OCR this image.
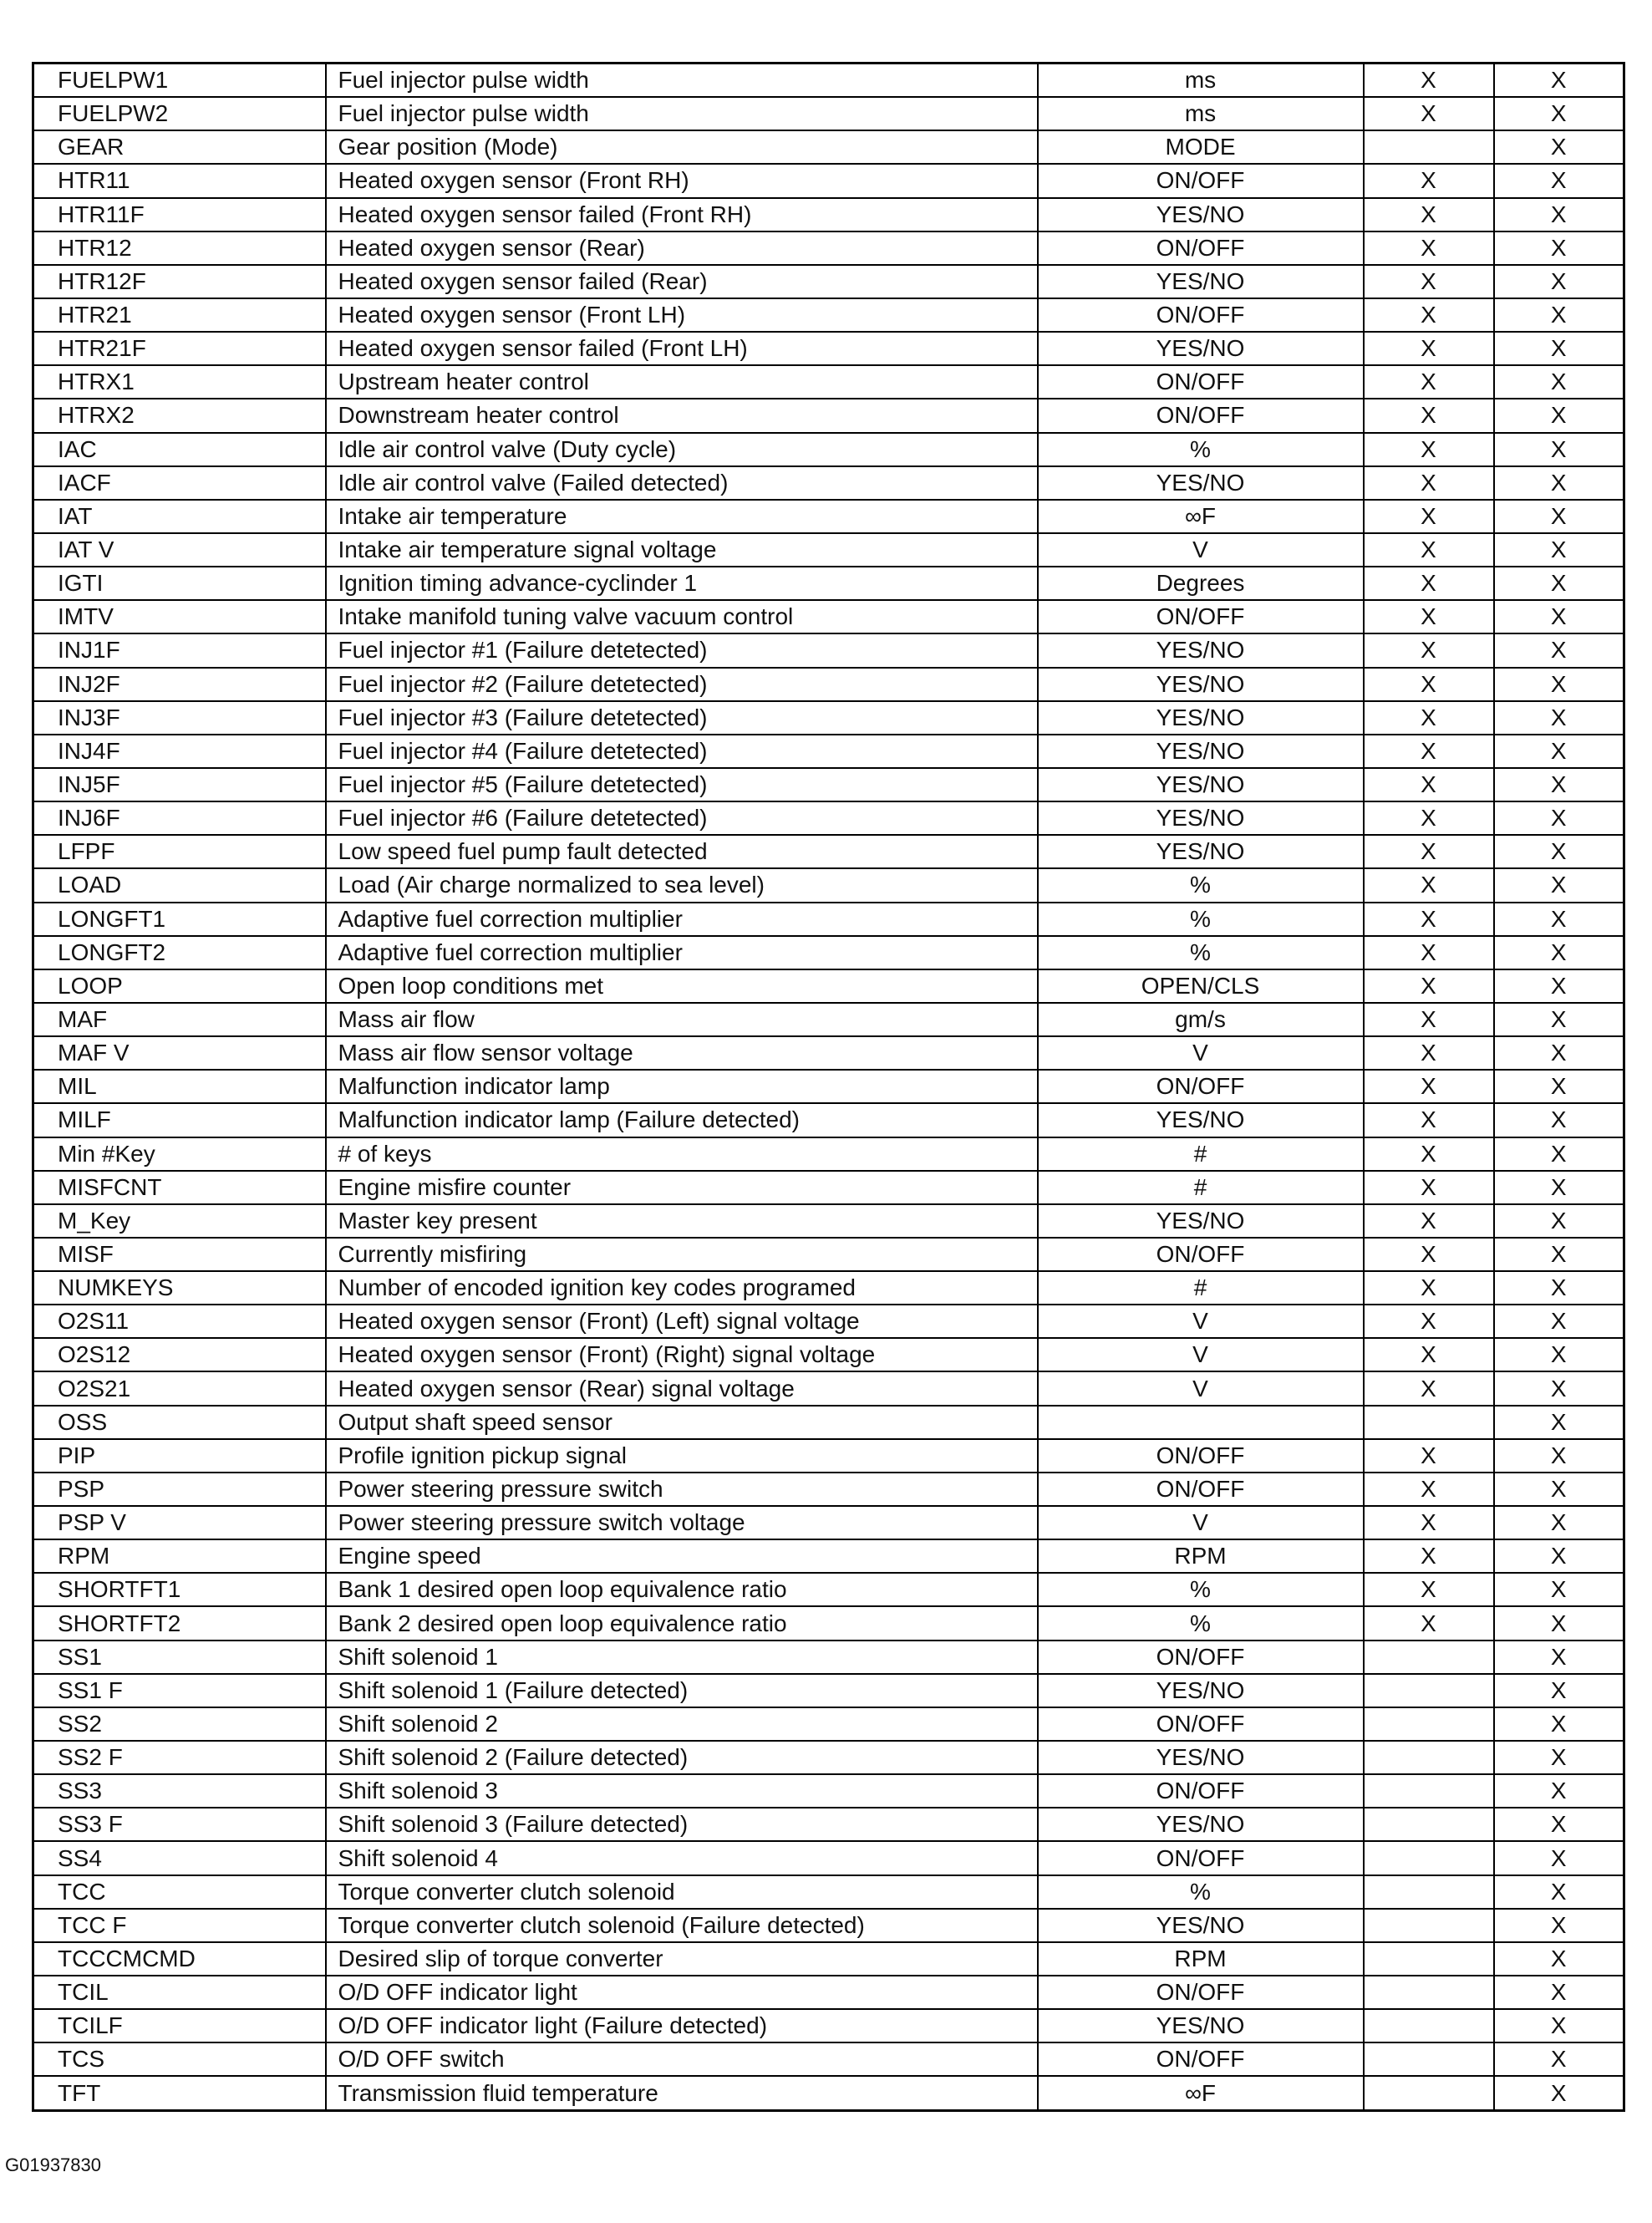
FUELPW1	Fuel injector pulse width	ms	X	X
FUELPW2	Fuel injector pulse width	ms	X	X
GEAR	Gear position (Mode)	MODE		X
HTR11	Heated oxygen sensor (Front RH)	ON/OFF	X	X
HTR11F	Heated oxygen sensor failed (Front RH)	YES/NO	X	X
HTR12	Heated oxygen sensor (Rear)	ON/OFF	X	X
HTR12F	Heated oxygen sensor failed (Rear)	YES/NO	X	X
HTR21	Heated oxygen sensor (Front LH)	ON/OFF	X	X
HTR21F	Heated oxygen sensor failed (Front LH)	YES/NO	X	X
HTRX1	Upstream heater control	ON/OFF	X	X
HTRX2	Downstream heater control	ON/OFF	X	X
IAC	Idle air control valve (Duty cycle)	%	X	X
IACF	Idle air control valve (Failed detected)	YES/NO	X	X
IAT	Intake air temperature	∞F	X	X
IAT V	Intake air temperature signal voltage	V	X	X
IGTI	Ignition timing advance-cyclinder 1	Degrees	X	X
IMTV	Intake manifold tuning valve vacuum control	ON/OFF	X	X
INJ1F	Fuel injector #1 (Failure detetected)	YES/NO	X	X
INJ2F	Fuel injector #2 (Failure detetected)	YES/NO	X	X
INJ3F	Fuel injector #3 (Failure detetected)	YES/NO	X	X
INJ4F	Fuel injector #4 (Failure detetected)	YES/NO	X	X
INJ5F	Fuel injector #5 (Failure detetected)	YES/NO	X	X
INJ6F	Fuel injector #6 (Failure detetected)	YES/NO	X	X
LFPF	Low speed fuel pump fault detected	YES/NO	X	X
LOAD	Load (Air charge normalized to sea level)	%	X	X
LONGFT1	Adaptive fuel correction multiplier	%	X	X
LONGFT2	Adaptive fuel correction multiplier	%	X	X
LOOP	Open loop conditions met	OPEN/CLS	X	X
MAF	Mass air flow	gm/s	X	X
MAF V	Mass air flow sensor voltage	V	X	X
MIL	Malfunction indicator lamp	ON/OFF	X	X
MILF	Malfunction indicator lamp (Failure detected)	YES/NO	X	X
Min #Key	# of keys	#	X	X
MISFCNT	Engine misfire counter	#	X	X
M_Key	Master key present	YES/NO	X	X
MISF	Currently misfiring	ON/OFF	X	X
NUMKEYS	Number of encoded ignition key codes programed	#	X	X
O2S11	Heated oxygen sensor (Front) (Left) signal voltage	V	X	X
O2S12	Heated oxygen sensor (Front) (Right) signal voltage	V	X	X
O2S21	Heated oxygen sensor (Rear) signal voltage	V	X	X
OSS	Output shaft speed sensor			X
PIP	Profile ignition pickup signal	ON/OFF	X	X
PSP	Power steering pressure switch	ON/OFF	X	X
PSP V	Power steering pressure switch voltage	V	X	X
RPM	Engine speed	RPM	X	X
SHORTFT1	Bank 1 desired open loop equivalence ratio	%	X	X
SHORTFT2	Bank 2 desired open loop equivalence ratio	%	X	X
SS1	Shift solenoid 1	ON/OFF		X
SS1 F	Shift solenoid 1 (Failure detected)	YES/NO		X
SS2	Shift solenoid 2	ON/OFF		X
SS2 F	Shift solenoid 2 (Failure detected)	YES/NO		X
SS3	Shift solenoid 3	ON/OFF		X
SS3 F	Shift solenoid 3 (Failure detected)	YES/NO		X
SS4	Shift solenoid 4	ON/OFF		X
TCC	Torque converter clutch solenoid	%		X
TCC F	Torque converter clutch solenoid (Failure detected)	YES/NO		X
TCCCMCMD	Desired slip of torque converter	RPM		X
TCIL	O/D OFF indicator light	ON/OFF		X
TCILF	O/D OFF indicator light (Failure detected)	YES/NO		X
TCS	O/D OFF switch	ON/OFF		X
TFT	Transmission fluid temperature	∞F		X
G01937830
